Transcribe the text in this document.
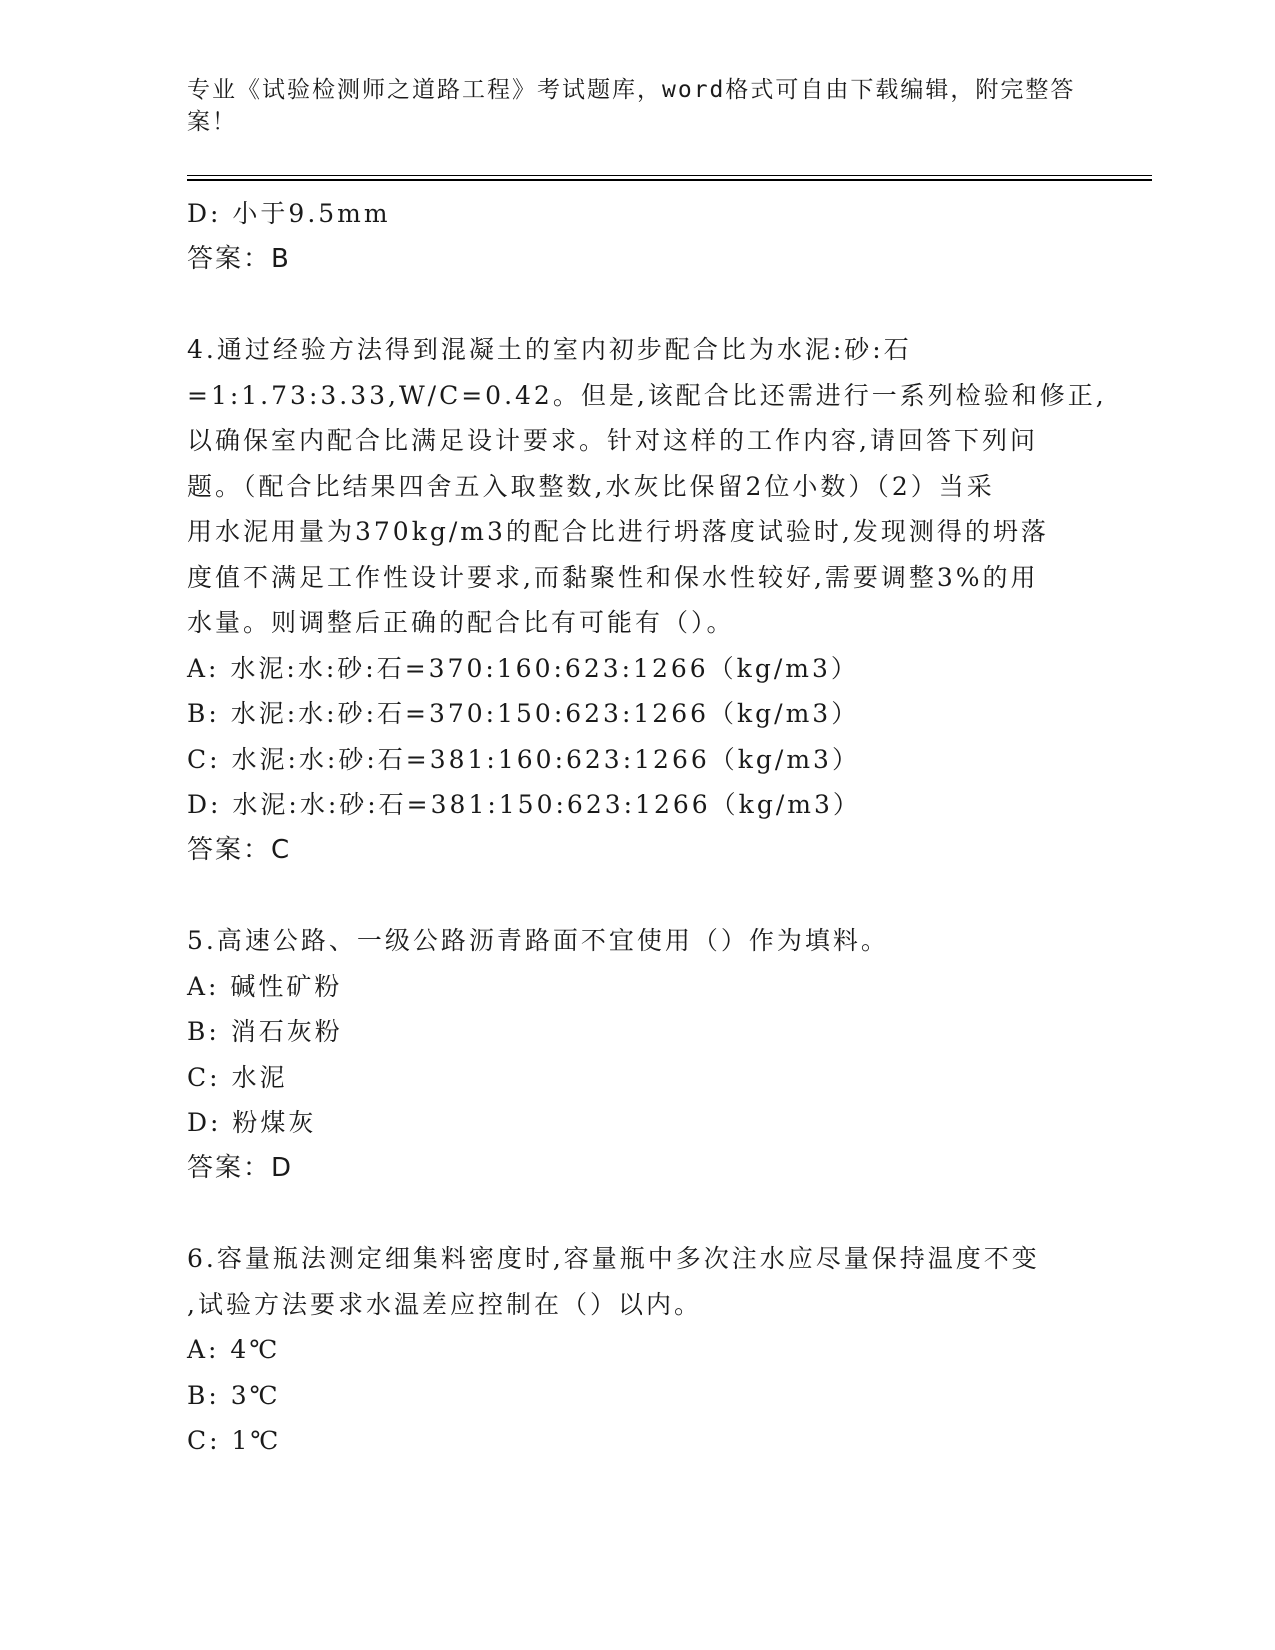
专业《试验检测师之道路工程》考试题库，word格式可自由下载编辑，附完整答
案！
D: 小于9.5mm
答案：B
4.通过经验方法得到混凝土的室内初步配合比为水泥:砂:石
=1:1.73:3.33,W/C=0.42。但是,该配合比还需进行一系列检验和修正,
以确保室内配合比满足设计要求。针对这样的工作内容,请回答下列问
题。（配合比结果四舍五入取整数,水灰比保留2位小数）（2）当采
用水泥用量为370kg/m3的配合比进行坍落度试验时,发现测得的坍落
度值不满足工作性设计要求,而黏聚性和保水性较好,需要调整3%的用
水量。则调整后正确的配合比有可能有（）。
A: 水泥:水:砂:石=370:160:623:1266（kg/m3）
B: 水泥:水:砂:石=370:150:623:1266（kg/m3）
C: 水泥:水:砂:石=381:160:623:1266（kg/m3）
D: 水泥:水:砂:石=381:150:623:1266（kg/m3）
答案：C
5.高速公路、一级公路沥青路面不宜使用（）作为填料。
A: 碱性矿粉
B: 消石灰粉
C: 水泥
D: 粉煤灰
答案：D
6.容量瓶法测定细集料密度时,容量瓶中多次注水应尽量保持温度不变
,试验方法要求水温差应控制在（）以内。
A: 4℃
B: 3℃
C: 1℃
